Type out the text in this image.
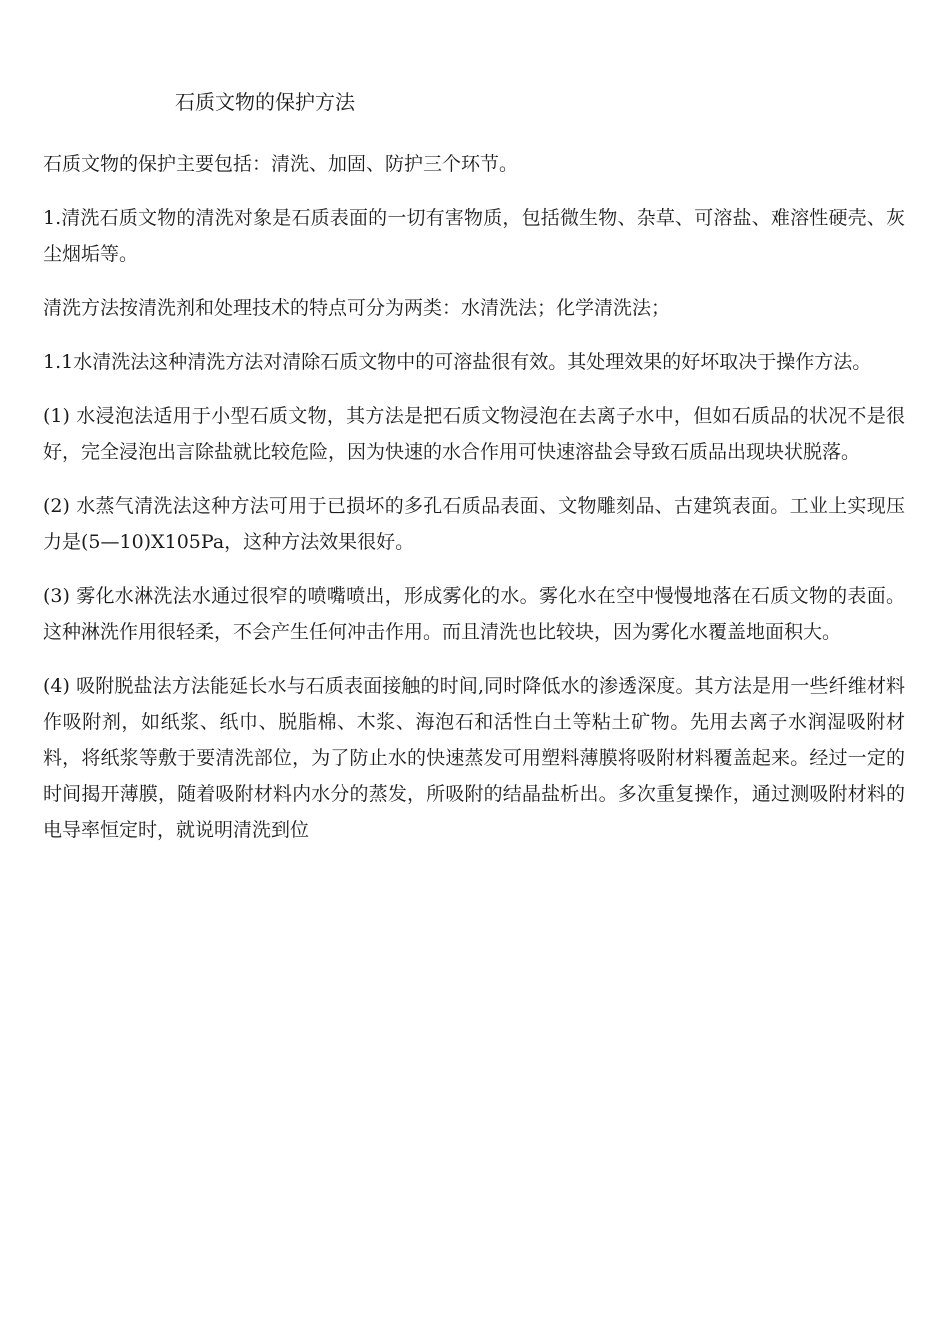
石质文物的保护方法

石质文物的保护主要包括：清洗、加固、防护三个环节。

1.清洗石质文物的清洗对象是石质表面的一切有害物质，包括微生物、杂草、可溶盐、难溶性硬壳、灰尘烟垢等。

清洗方法按清洗剂和处理技术的特点可分为两类：水清洗法；化学清洗法；

1.1水清洗法这种清洗方法对清除石质文物中的可溶盐很有效。其处理效果的好坏取决于操作方法。

(1) 水浸泡法适用于小型石质文物，其方法是把石质文物浸泡在去离子水中，但如石质品的状况不是很好，完全浸泡出言除盐就比较危险，因为快速的水合作用可快速溶盐会导致石质品出现块状脱落。

(2) 水蒸气清洗法这种方法可用于已损坏的多孔石质品表面、文物雕刻品、古建筑表面。工业上实现压力是(5—10)X105Pa，这种方法效果很好。

(3) 雾化水淋洗法水通过很窄的喷嘴喷出，形成雾化的水。雾化水在空中慢慢地落在石质文物的表面。这种淋洗作用很轻柔，不会产生任何冲击作用。而且清洗也比较块，因为雾化水覆盖地面积大。

(4) 吸附脱盐法方法能延长水与石质表面接触的时间,同时降低水的渗透深度。其方法是用一些纤维材料作吸附剂，如纸浆、纸巾、脱脂棉、木浆、海泡石和活性白土等粘土矿物。先用去离子水润湿吸附材料，将纸浆等敷于要清洗部位，为了防止水的快速蒸发可用塑料薄膜将吸附材料覆盖起来。经过一定的时间揭开薄膜，随着吸附材料内水分的蒸发，所吸附的结晶盐析出。多次重复操作，通过测吸附材料的电导率恒定时，就说明清洗到位
